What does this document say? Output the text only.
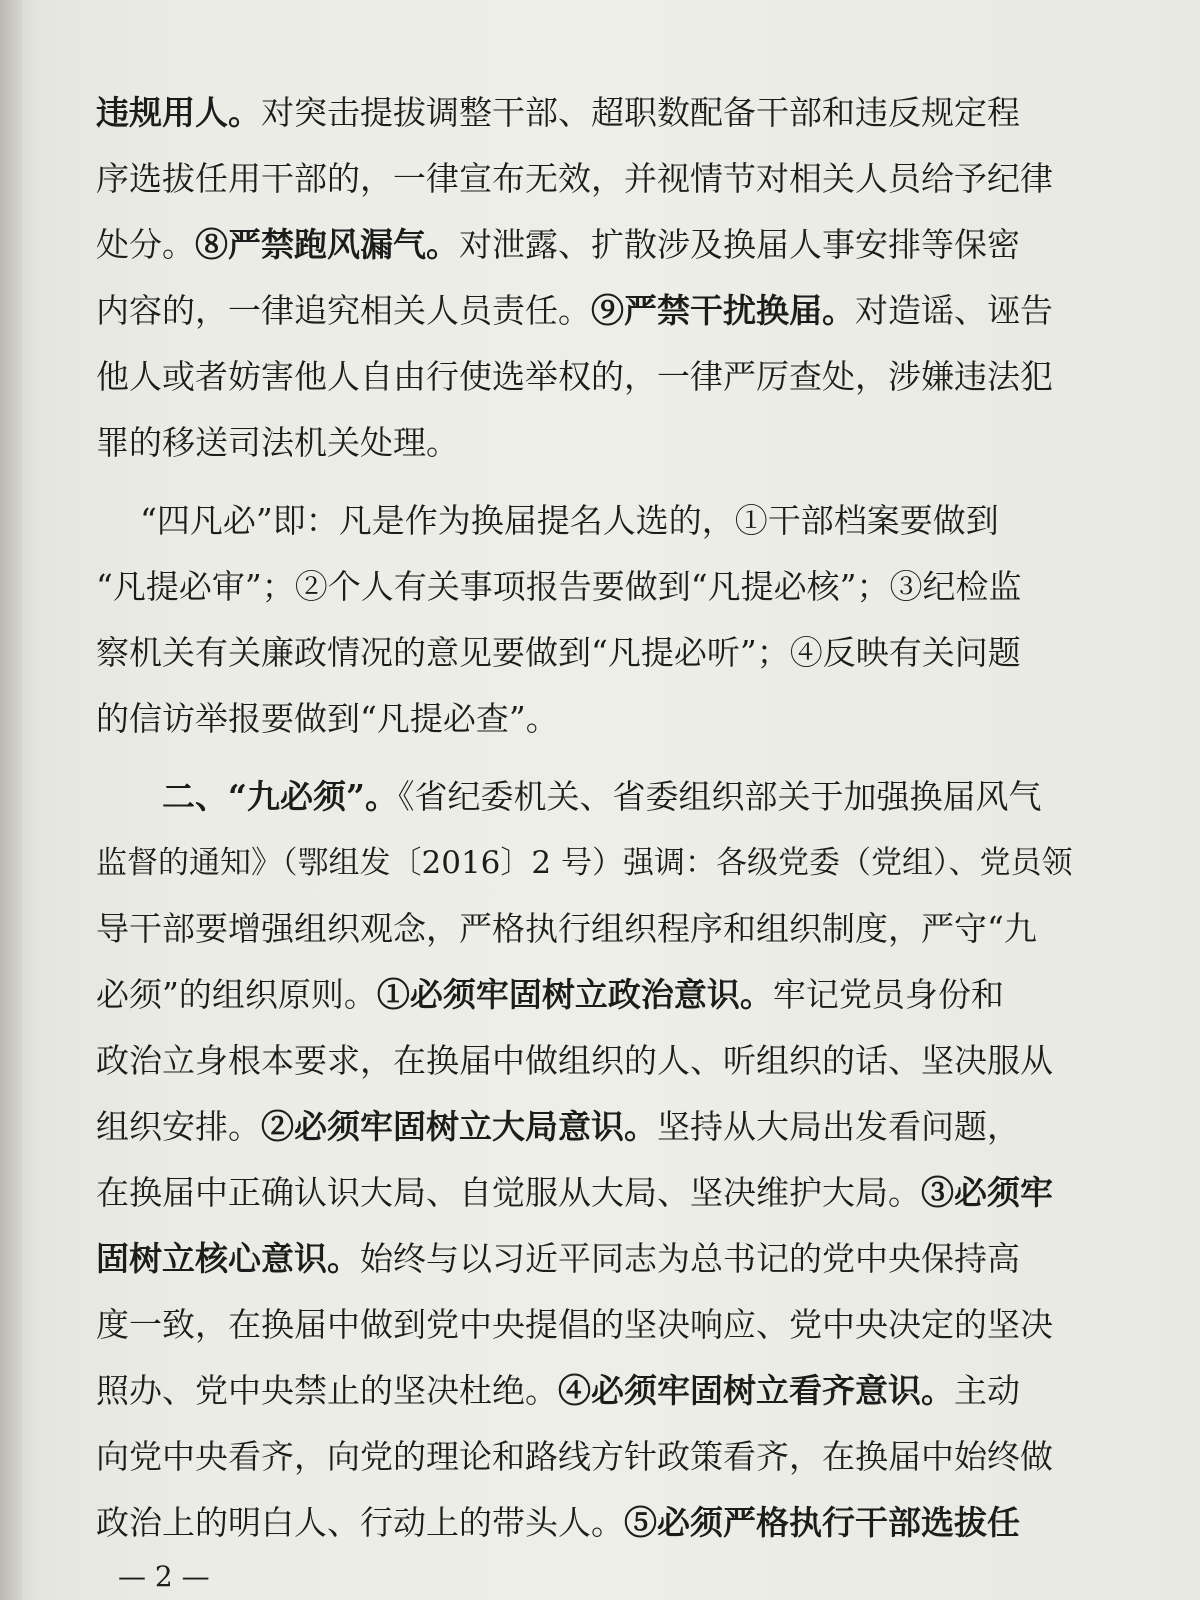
违规用人。对突击提拔调整干部、超职数配备干部和违反规定程
序选拔任用干部的，一律宣布无效，并视情节对相关人员给予纪律
处分。⑧严禁跑风漏气。对泄露、扩散涉及换届人事安排等保密
内容的，一律追究相关人员责任。⑨严禁干扰换届。对造谣、诬告
他人或者妨害他人自由行使选举权的，一律严厉查处，涉嫌违法犯
罪的移送司法机关处理。
“四凡必”即：凡是作为换届提名人选的，①干部档案要做到
“凡提必审”；②个人有关事项报告要做到“凡提必核”；③纪检监
察机关有关廉政情况的意见要做到“凡提必听”；④反映有关问题
的信访举报要做到“凡提必查”。
二、“九必须”。《省纪委机关、省委组织部关于加强换届风气
监督的通知》（鄂组发〔2016〕2 号）强调：各级党委（党组）、党员领
导干部要增强组织观念，严格执行组织程序和组织制度，严守“九
必须”的组织原则。①必须牢固树立政治意识。牢记党员身份和
政治立身根本要求，在换届中做组织的人、听组织的话、坚决服从
组织安排。②必须牢固树立大局意识。坚持从大局出发看问题，
在换届中正确认识大局、自觉服从大局、坚决维护大局。③必须牢
固树立核心意识。始终与以习近平同志为总书记的党中央保持高
度一致，在换届中做到党中央提倡的坚决响应、党中央决定的坚决
照办、党中央禁止的坚决杜绝。④必须牢固树立看齐意识。主动
向党中央看齐，向党的理论和路线方针政策看齐，在换届中始终做
政治上的明白人、行动上的带头人。⑤必须严格执行干部选拔任
— 2 —
